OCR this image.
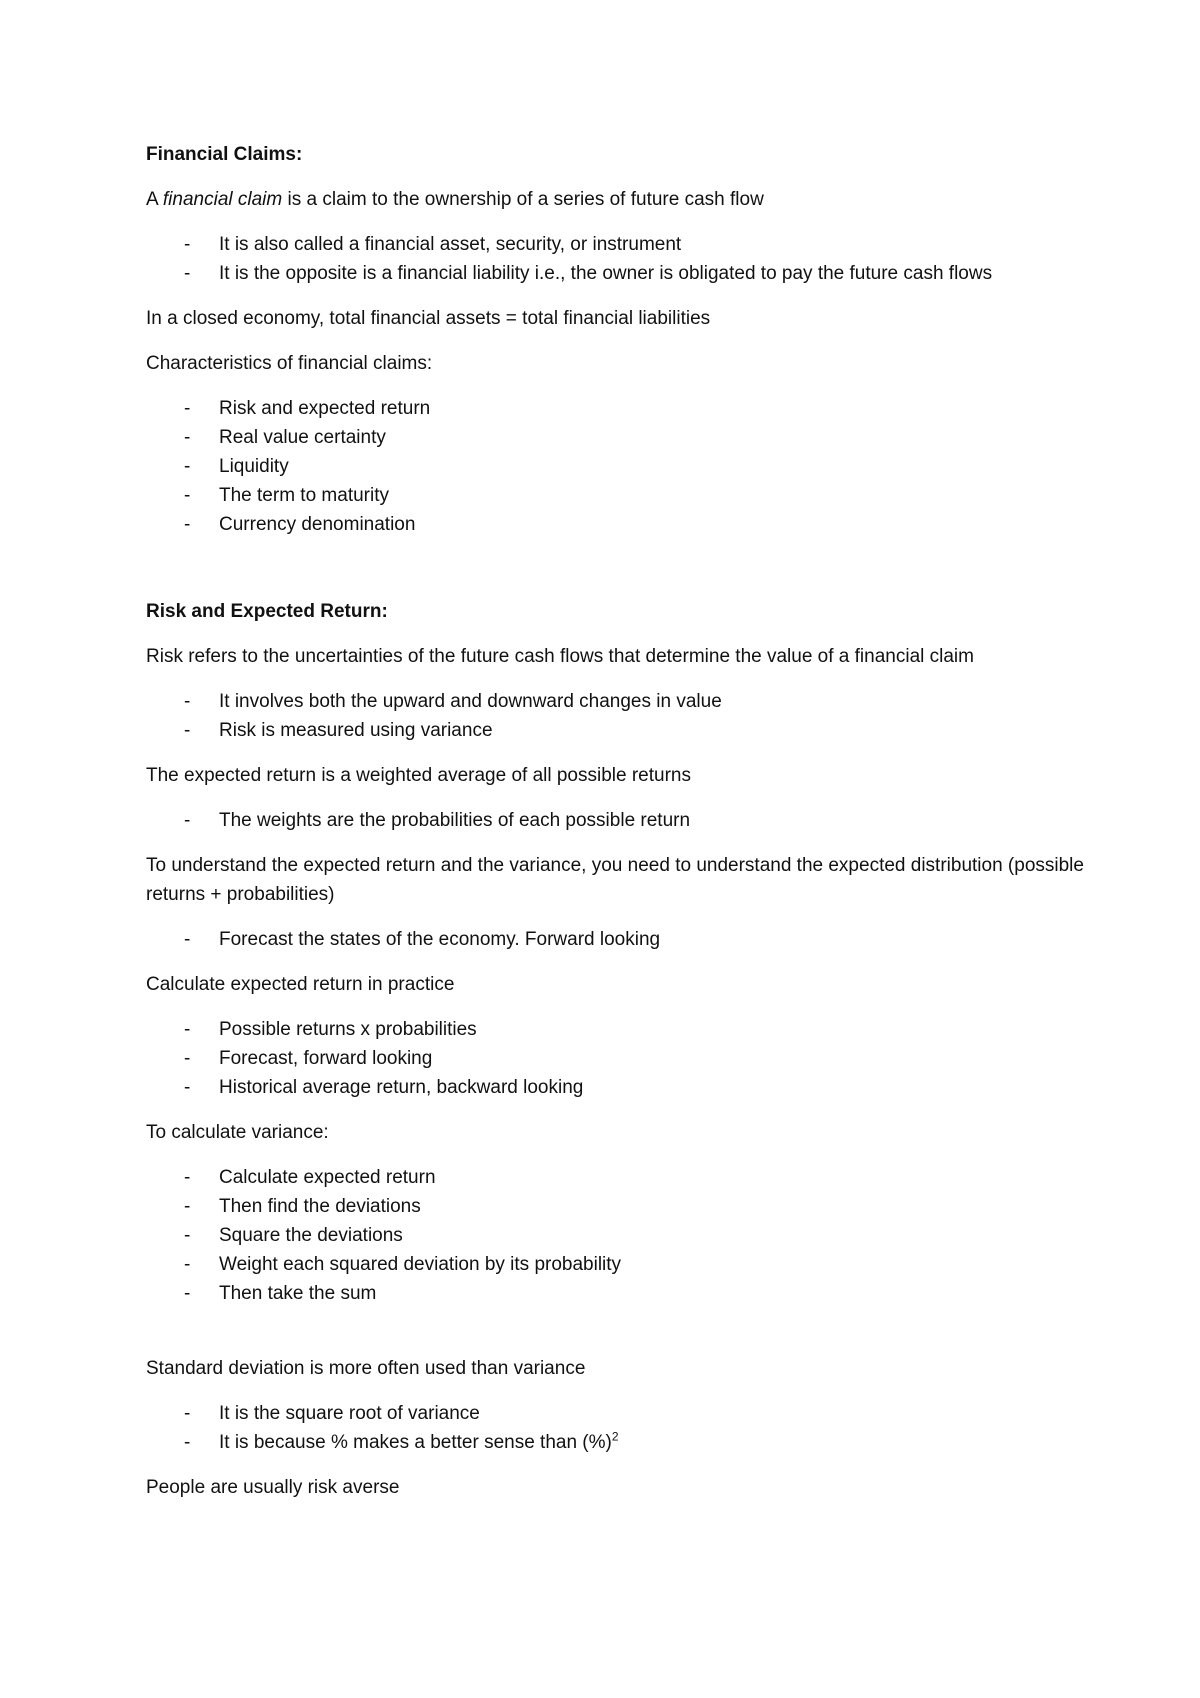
Financial Claims:
A financial claim is a claim to the ownership of a series of future cash flow
- It is also called a financial asset, security, or instrument
- It is the opposite is a financial liability i.e., the owner is obligated to pay the future cash flows
In a closed economy, total financial assets = total financial liabilities
Characteristics of financial claims:
- Risk and expected return
- Real value certainty
- Liquidity
- The term to maturity
- Currency denomination
Risk and Expected Return:
Risk refers to the uncertainties of the future cash flows that determine the value of a financial claim
- It involves both the upward and downward changes in value
- Risk is measured using variance
The expected return is a weighted average of all possible returns
- The weights are the probabilities of each possible return
To understand the expected return and the variance, you need to understand the expected distribution (possible returns + probabilities)
- Forecast the states of the economy. Forward looking
Calculate expected return in practice
- Possible returns x probabilities
- Forecast, forward looking
- Historical average return, backward looking
To calculate variance:
- Calculate expected return
- Then find the deviations
- Square the deviations
- Weight each squared deviation by its probability
- Then take the sum
Standard deviation is more often used than variance
- It is the square root of variance
- It is because % makes a better sense than (%)$^2$
People are usually risk averse
